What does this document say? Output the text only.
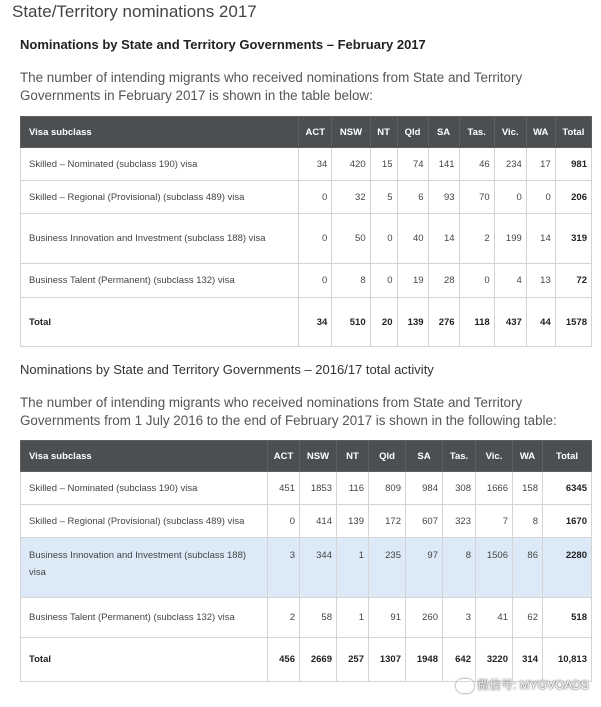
State/Territory nominations 2017
Nominations by State and Territory Governments – February 2017
The number of intending migrants who received nominations from State and Territory Governments in February 2017 is shown in the table below:
Visa subclass	ACT	NSW	NT	Qld	SA	Tas.	Vic.	WA	Total
Skilled – Nominated (subclass 190) visa	34	420	15	74	141	46	234	17	981
Skilled – Regional (Provisional) (subclass 489) visa	0	32	5	6	93	70	0	0	206
Business Innovation and Investment (subclass 188) visa	0	50	0	40	14	2	199	14	319
Business Talent (Permanent) (subclass 132) visa	0	8	0	19	28	0	4	13	72
Total	34	510	20	139	276	118	437	44	1578
Nominations by State and Territory Governments – 2016/17 total activity
The number of intending migrants who received nominations from State and Territory Governments from 1 July 2016 to the end of February 2017 is shown in the following table:
Visa subclass	ACT	NSW	NT	Qld	SA	Tas.	Vic.	WA	Total
Skilled – Nominated (subclass 190) visa	451	1853	116	809	984	308	1666	158	6345
Skilled – Regional (Provisional) (subclass 489) visa	0	414	139	172	607	323	7	8	1670
Business Innovation and Investment (subclass 188) visa	3	344	1	235	97	8	1506	86	2280
Business Talent (Permanent) (subclass 132) visa	2	58	1	91	260	3	41	62	518
Total	456	2669	257	1307	1948	642	3220	314	10,813
微信号: MYGVOADS
